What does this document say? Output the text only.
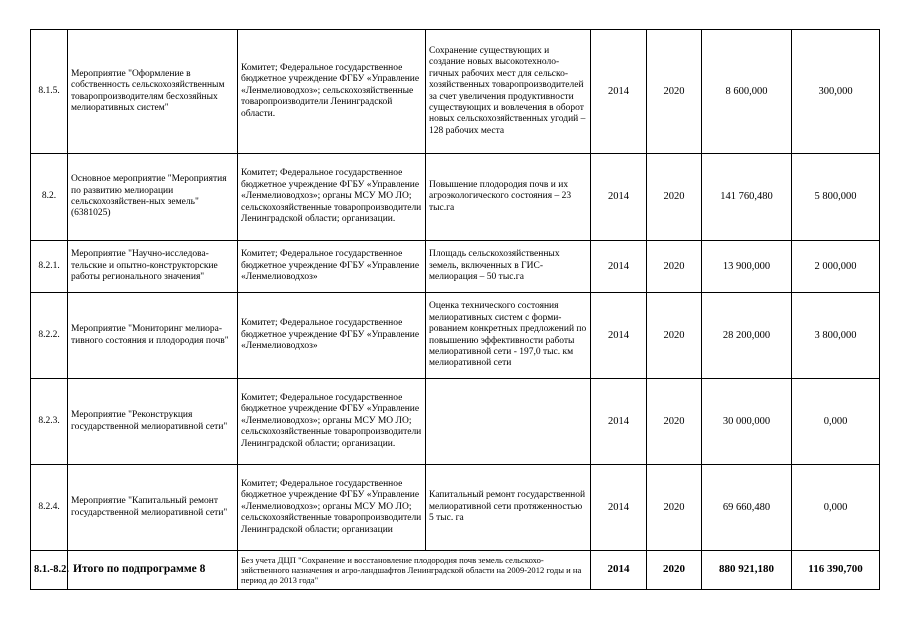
8.1.5.	Мероприятие "Оформление в собственность сельскохозяйственным товаропроизводителям бесхозяйных мелиоративных систем"	Комитет; Федеральное государственное бюджетное учреждение ФГБУ «Управление «Ленмелиоводхоз»; сельскохозяйственные товаропроизводители Ленинградской области.	Сохранение существующих и создание новых высокотехноло-гичных рабочих мест для сельско-хозяйственных товаропроизводителей за счет увеличения продуктивности существующих и вовлечения в оборот новых сельскохозяйственных угодий – 128 рабочих места	2014	2020	8 600,000	300,000
8.2.	Основное мероприятие "Мероприятия по развитию мелиорации сельскохозяйствен-ных земель" (6381025)	Комитет; Федеральное государственное бюджетное учреждение ФГБУ «Управление «Ленмелиоводхоз»; органы МСУ МО ЛО; сельскохозяйственные товаропроизводители Ленинградской области; организации.	Повышение плодородия почв и их агроэкологического состояния – 23 тыс.га	2014	2020	141 760,480	5 800,000
8.2.1.	Мероприятие "Научно-исследова-тельские и опытно-конструкторские работы регионального значения"	Комитет; Федеральное государственное бюджетное учреждение ФГБУ «Управление «Ленмелиоводхоз»	Площадь сельскохозяйственных земель, включенных в ГИС-мелиорация – 50 тыс.га	2014	2020	13 900,000	2 000,000
8.2.2.	Мероприятие "Мониторинг мелиора-тивного состояния и плодородия почв"	Комитет; Федеральное государственное бюджетное учреждение ФГБУ «Управление «Ленмелиоводхоз»	Оценка технического состояния мелиоративных систем с форми-рованием конкретных предложений по повышению эффективности работы мелиоративной сети - 197,0 тыс. км мелиоративной сети	2014	2020	28 200,000	3 800,000
8.2.3.	Мероприятие "Реконструкция государственной мелиоративной сети"	Комитет; Федеральное государственное бюджетное учреждение ФГБУ «Управление «Ленмелиоводхоз»; органы МСУ МО ЛО; сельскохозяйственные товаропроизводители Ленинградской области; организации.		2014	2020	30 000,000	0,000
8.2.4.	Мероприятие "Капитальный ремонт государственной мелиоративной сети"	Комитет; Федеральное государственное бюджетное учреждение ФГБУ «Управление «Ленмелиоводхоз»; органы МСУ МО ЛО; сельскохозяйственные товаропроизводители Ленинградской области; организации	Капитальный ремонт государственной мелиоративной сети протяженностью 5 тыс. га	2014	2020	69 660,480	0,000
8.1.-8.2.	Итого по подпрограмме 8	Без учета ДЦП "Сохранение и восстановление плодородия почв земель сельскохо-зяйственного назначения и агро-ландшафтов Ленинградской области на 2009-2012 годы и на период до 2013 года"		2014	2020	880 921,180	116 390,700
